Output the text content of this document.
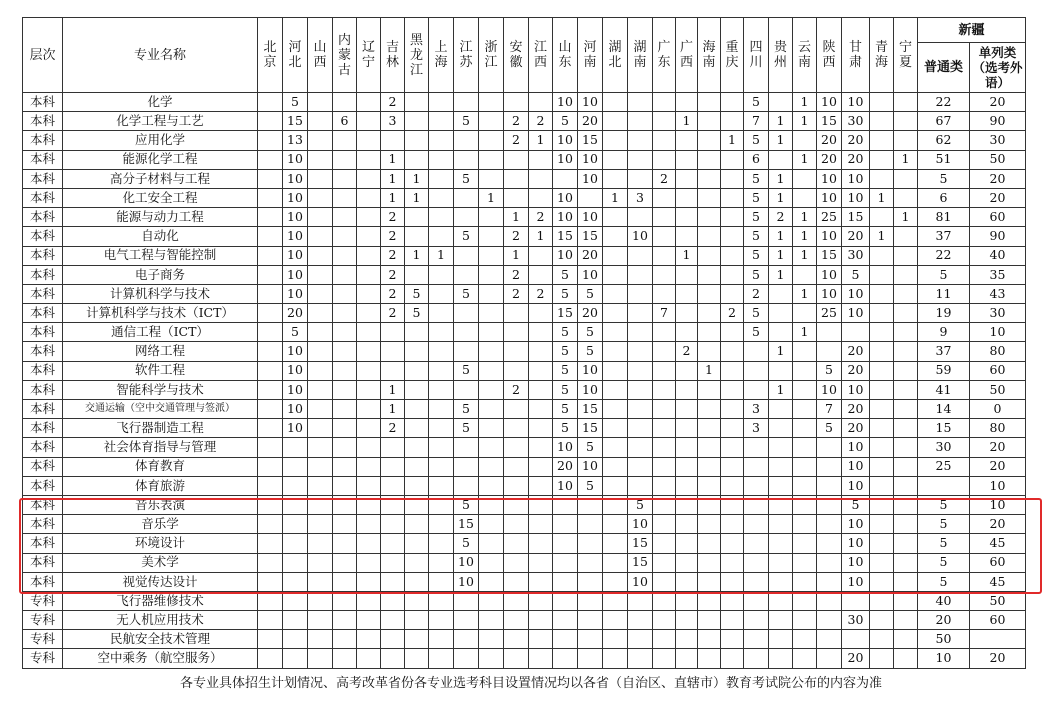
层次	专业名称	北京	河北	山西	内蒙古	辽宁	吉林	黑龙江	上海	江苏	浙江	安徽	江西	山东	河南	湖北	湖南	广东	广西	海南	重庆	四川	贵州	云南	陕西	甘肃	青海	宁夏	新疆	
																													普通类	单列类（选考外语）
本科	化学		5				2							10	10							5		1	10	10			22	20
本科	化学工程与工艺		15		6		3			5		2	2	5	20				1			7	1	1	15	30			67	90
本科	应用化学		13									2	1	10	15						1	5	1		20	20			62	30
本科	能源化学工程		10				1							10	10							6		1	20	20		1	51	50
本科	高分子材料与工程		10				1	1		5					10			2				5	1		10	10			5	20
本科	化工安全工程		10				1	1			1			10		1	3					5	1		10	10	1		6	20
本科	能源与动力工程		10				2					1	2	10	10							5	2	1	25	15		1	81	60
本科	自动化		10				2			5		2	1	15	15		10					5	1	1	10	20	1		37	90
本科	电气工程与智能控制		10				2	1	1			1		10	20				1			5	1	1	15	30			22	40
本科	电子商务		10				2					2		5	10							5	1		10	5			5	35
本科	计算机科学与技术		10				2	5		5		2	2	5	5							2		1	10	10			11	43
本科	计算机科学与技术（ICT）		20				2	5						15	20			7			2	5			25	10			19	30
本科	通信工程（ICT）		5											5	5							5		1					9	10
本科	网络工程		10											5	5				2				1			20			37	80
本科	软件工程		10							5				5	10					1					5	20			59	60
本科	智能科学与技术		10				1					2		5	10								1		10	10			41	50
本科	交通运输（空中交通管理与签派）		10				1			5				5	15							3			7	20			14	0
本科	飞行器制造工程		10				2			5				5	15							3			5	20			15	80
本科	社会体育指导与管理													10	5											10			30	20
本科	体育教育													20	10											10			25	20
本科	体育旅游													10	5											10				10
本科	音乐表演									5							5									5			5	10
本科	音乐学									15							10									10			5	20
本科	环境设计									5							15									10			5	45
本科	美术学									10							15									10			5	60
本科	视觉传达设计									10							10									10			5	45
专科	飞行器维修技术																												40	50
专科	无人机应用技术																									30			20	60
专科	民航安全技术管理																												50	
专科	空中乘务（航空服务）																									20			10	20
各专业具体招生计划情况、高考改革省份各专业选考科目设置情况均以各省（自治区、直辖市）教育考试院公布的内容为准
